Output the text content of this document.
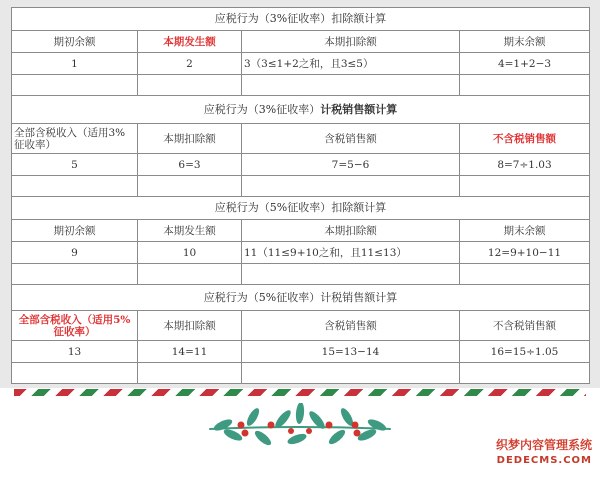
应税行为（3%征收率）扣除额计算			
期初余额	本期发生额	本期扣除额	期末余额
1	2	3（3≤1+2之和，且3≤5）	4=1+2−3

应税行为（3%征收率）计税销售额计算			
全部含税收入（适用3%征收率）	本期扣除额	含税销售额	不含税销售额
5	6=3	7=5−6	8=7÷1.03

应税行为（5%征收率）扣除额计算			
期初余额	本期发生额	本期扣除额	期末余额
9	10	11（11≤9+10之和，且11≤13）	12=9+10−11

应税行为（5%征收率）计税销售额计算			
全部含税收入（适用5%征收率）	本期扣除额	含税销售额	不含税销售额
13	14=11	15=13−14	16=15÷1.05

织梦内容管理系统
DEDECMS.COM
